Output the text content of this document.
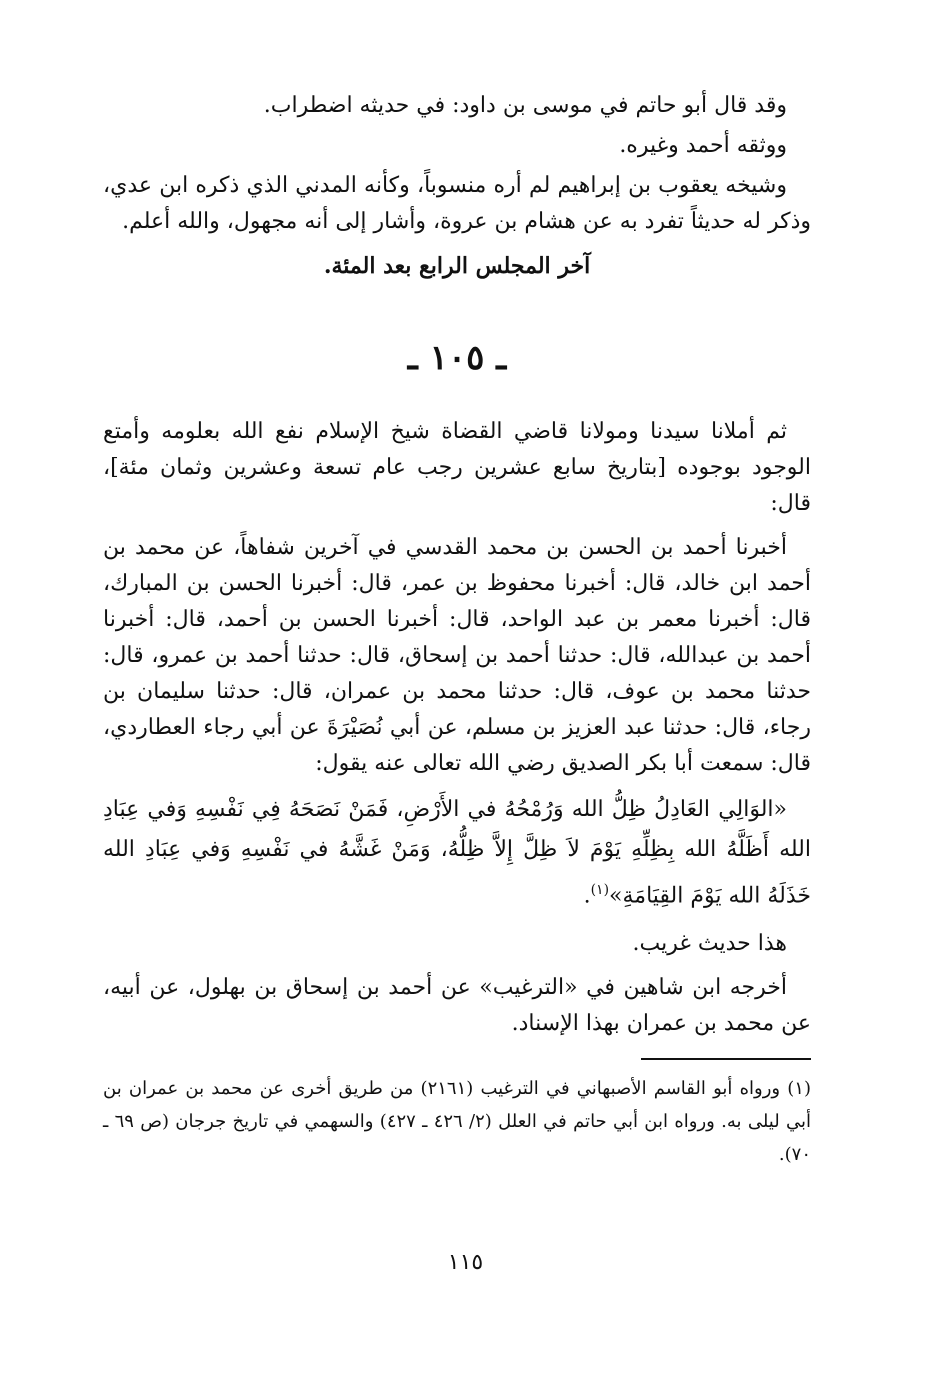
وقد قال أبو حاتم في موسى بن داود: في حديثه اضطراب.

ووثقه أحمد وغيره.

وشيخه يعقوب بن إبراهيم لم أره منسوباً، وكأنه المدني الذي ذكره ابن عدي، وذكر له حديثاً تفرد به عن هشام بن عروة، وأشار إلى أنه مجهول، والله أعلم.

آخر المجلس الرابع بعد المئة.

ـ ١٠٥ ـ

ثم أملانا سيدنا ومولانا قاضي القضاة شيخ الإسلام نفع الله بعلومه وأمتع الوجود بوجوده [بتاريخ سابع عشرين رجب عام تسعة وعشرين وثمان مئة]، قال:

أخبرنا أحمد بن الحسن بن محمد القدسي في آخرين شفاهاً، عن محمد بن أحمد ابن خالد، قال: أخبرنا محفوظ بن عمر، قال: أخبرنا الحسن بن المبارك، قال: أخبرنا معمر بن عبد الواحد، قال: أخبرنا الحسن بن أحمد، قال: أخبرنا أحمد بن عبدالله، قال: حدثنا أحمد بن إسحاق، قال: حدثنا أحمد بن عمرو، قال: حدثنا محمد بن عوف، قال: حدثنا محمد بن عمران، قال: حدثنا سليمان بن رجاء، قال: حدثنا عبد العزيز بن مسلم، عن أبي نُصَيْرَةَ عن أبي رجاء العطاردي، قال: سمعت أبا بكر الصديق رضي الله تعالى عنه يقول:

«الوَالِي العَادِلُ ظِلُّ الله وَرُمْحُهُ في الأَرْضِ، فَمَنْ نَصَحَهُ فِي نَفْسِهِ وَفي عِبَادِ الله أَظَلَّهُ الله بِظِلِّهِ يَوْمَ لاَ ظِلَّ إِلاَّ ظِلُّهُ، وَمَنْ غَشَّهُ في نَفْسِهِ وَفي عِبَادِ الله خَذَلَهُ الله يَوْمَ القِيَامَةِ»$^{(١)}$.

هذا حديث غريب.

أخرجه ابن شاهين في «الترغيب» عن أحمد بن إسحاق بن بهلول، عن أبيه، عن محمد بن عمران بهذا الإسناد.

(١) ورواه أبو القاسم الأصبهاني في الترغيب (٢١٦١) من طريق أخرى عن محمد بن عمران بن أبي ليلى به. ورواه ابن أبي حاتم في العلل (٢/ ٤٢٦ ـ ٤٢٧) والسهمي في تاريخ جرجان (ص ٦٩ ـ ٧٠).

١١٥
